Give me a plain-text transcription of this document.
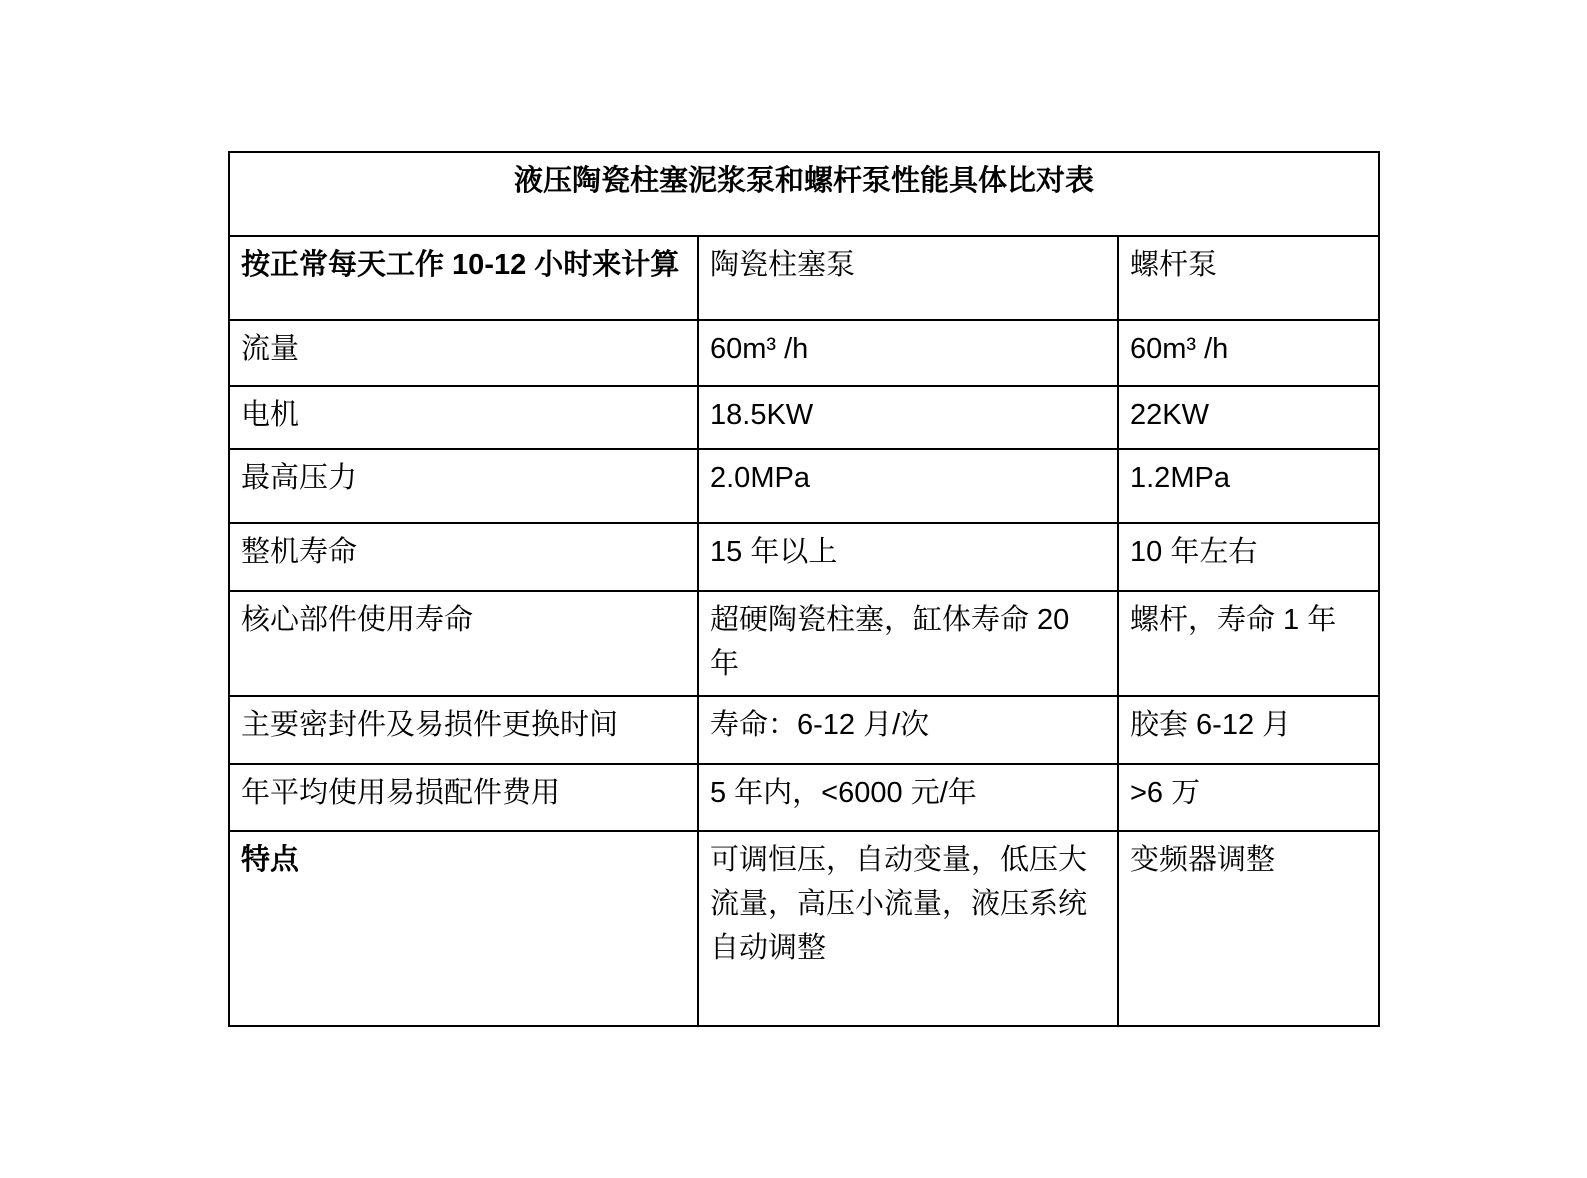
液压陶瓷柱塞泥浆泵和螺杆泵性能具体比对表		
按正常每天工作 10-12 小时来计算	陶瓷柱塞泵	螺杆泵
流量	60m³ /h	60m³ /h
电机	18.5KW	22KW
最高压力	2.0MPa	1.2MPa
整机寿命	15 年以上	10 年左右
核心部件使用寿命	超硬陶瓷柱塞，缸体寿命 20 年	螺杆，寿命 1 年
主要密封件及易损件更换时间	寿命：6-12 月/次	胶套 6-12 月
年平均使用易损配件费用	5 年内，<6000 元/年	>6 万
特点	可调恒压，自动变量，低压大流量，高压小流量，液压系统自动调整	变频器调整
